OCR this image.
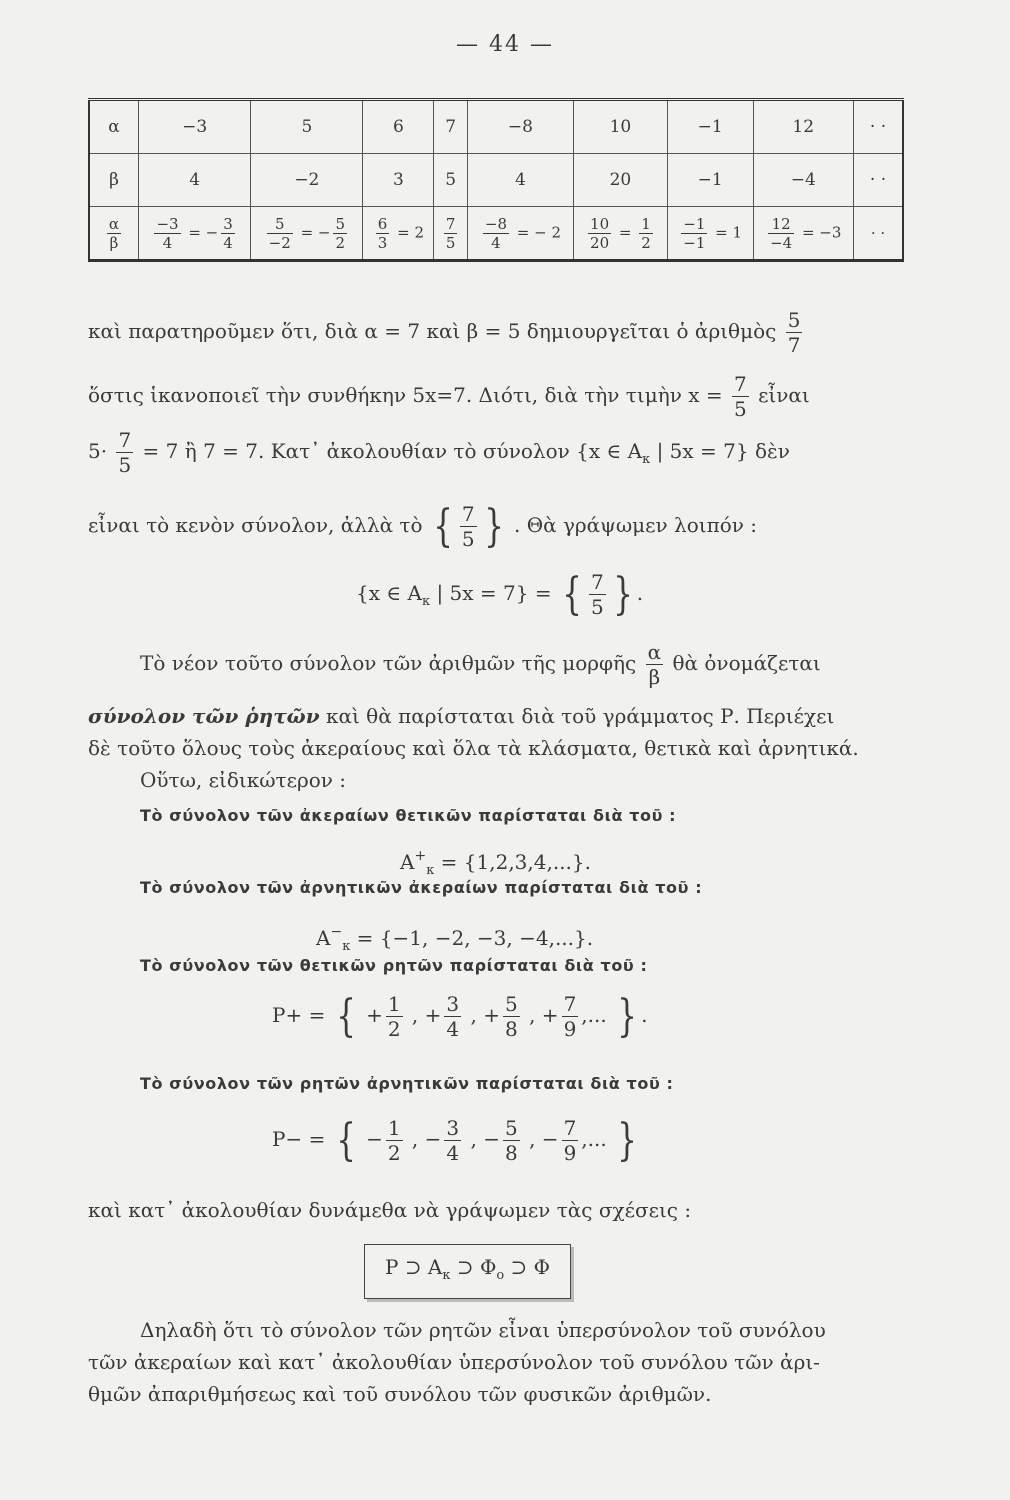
— 44 —
α	−3	5	6	7	−8	10	−1	12	· ·
β	4	−2	3	5	4	20	−1	−4	· ·

$\frac{\alpha}{\beta}$	$\frac{-3}{4}$ = − $\frac{3}{4}$	$\frac{5}{-2}$ = − $\frac{5}{2}$	$\frac{6}{3} = 2$	$\frac{7}{5}$	$\frac{-8}{4}$ = − 2	$\frac{10}{20} = \frac{1}{2}$	$\frac{-1}{-1} = 1$	$\frac{12}{-4} = -3$	· ·
καὶ παρατηροῦμεν ὅτι, διὰ α = 7 καὶ β = 5 δημιουργεῖται ὁ ἀριθμὸς $\frac{5}{7}$
ὅστις ἱκανοποιεῖ τὴν συνθήκην 5x=7. Διότι, διὰ τὴν τιμὴν $x = \frac{7}{5}$ εἶναι
$5\cdot \frac{7}{5} = 7$ ἢ 7 = 7. Κατ᾽ ἀκολουθίαν τὸ σύνολον {x ∈ $A_\kappa$ | 5x = 7} δὲν
εἶναι τὸ κενὸν σύνολον, ἀλλὰ τὸ { $\frac{7}{5}$ } . Θὰ γράψωμεν λοιπόν :
{x ∈ $A_\kappa$ | 5x = 7} = { $\frac{7}{5}$ } .
Τὸ νέον τοῦτο σύνολον τῶν ἀριθμῶν τῆς μορφῆς $\frac{\alpha}{\beta}$ θὰ ὀνομάζεται
σύνολον τῶν ῥητῶν καὶ θὰ παρίσταται διὰ τοῦ γράμματος Ρ. Περιέχει
δὲ τοῦτο ὅλους τοὺς ἀκεραίους καὶ ὅλα τὰ κλάσματα, θετικὰ καὶ ἀρνητικά.
Οὕτω, εἰδικώτερον :
Τὸ σύνολον τῶν ἀκεραίων θετικῶν παρίσταται διὰ τοῦ :
$A^+_\kappa = \{1,2,3,4,...\}$.
Τὸ σύνολον τῶν ἀρνητικῶν ἀκεραίων παρίσταται διὰ τοῦ :
$A^-_\kappa = \{-1$, −2, −3, −4,...}.
Τὸ σύνολον τῶν θετικῶν ρητῶν παρίσταται διὰ τοῦ :
P+ = { + $\frac{1}{2}$ , + $\frac{3}{4}$ , + $\frac{5}{8}$ , + $\frac{7}{9}$ ,... } .
Τὸ σύνολον τῶν ρητῶν ἀρνητικῶν παρίσταται διὰ τοῦ :
P− = { − $\frac{1}{2}$ , − $\frac{3}{4}$ , − $\frac{5}{8}$ , − $\frac{7}{9}$ ,... }
καὶ κατ᾽ ἀκολουθίαν δυνάμεθα νὰ γράψωμεν τὰς σχέσεις :
P ⊃ $A_\kappa$ ⊃ $\Phi_o$ ⊃ Φ
Δηλαδὴ ὅτι τὸ σύνολον τῶν ρητῶν εἶναι ὑπερσύνολον τοῦ συνόλου
τῶν ἀκεραίων καὶ κατ᾽ ἀκολουθίαν ὑπερσύνολον τοῦ συνόλου τῶν ἀρι-
θμῶν ἀπαριθμήσεως καὶ τοῦ συνόλου τῶν φυσικῶν ἀριθμῶν.
